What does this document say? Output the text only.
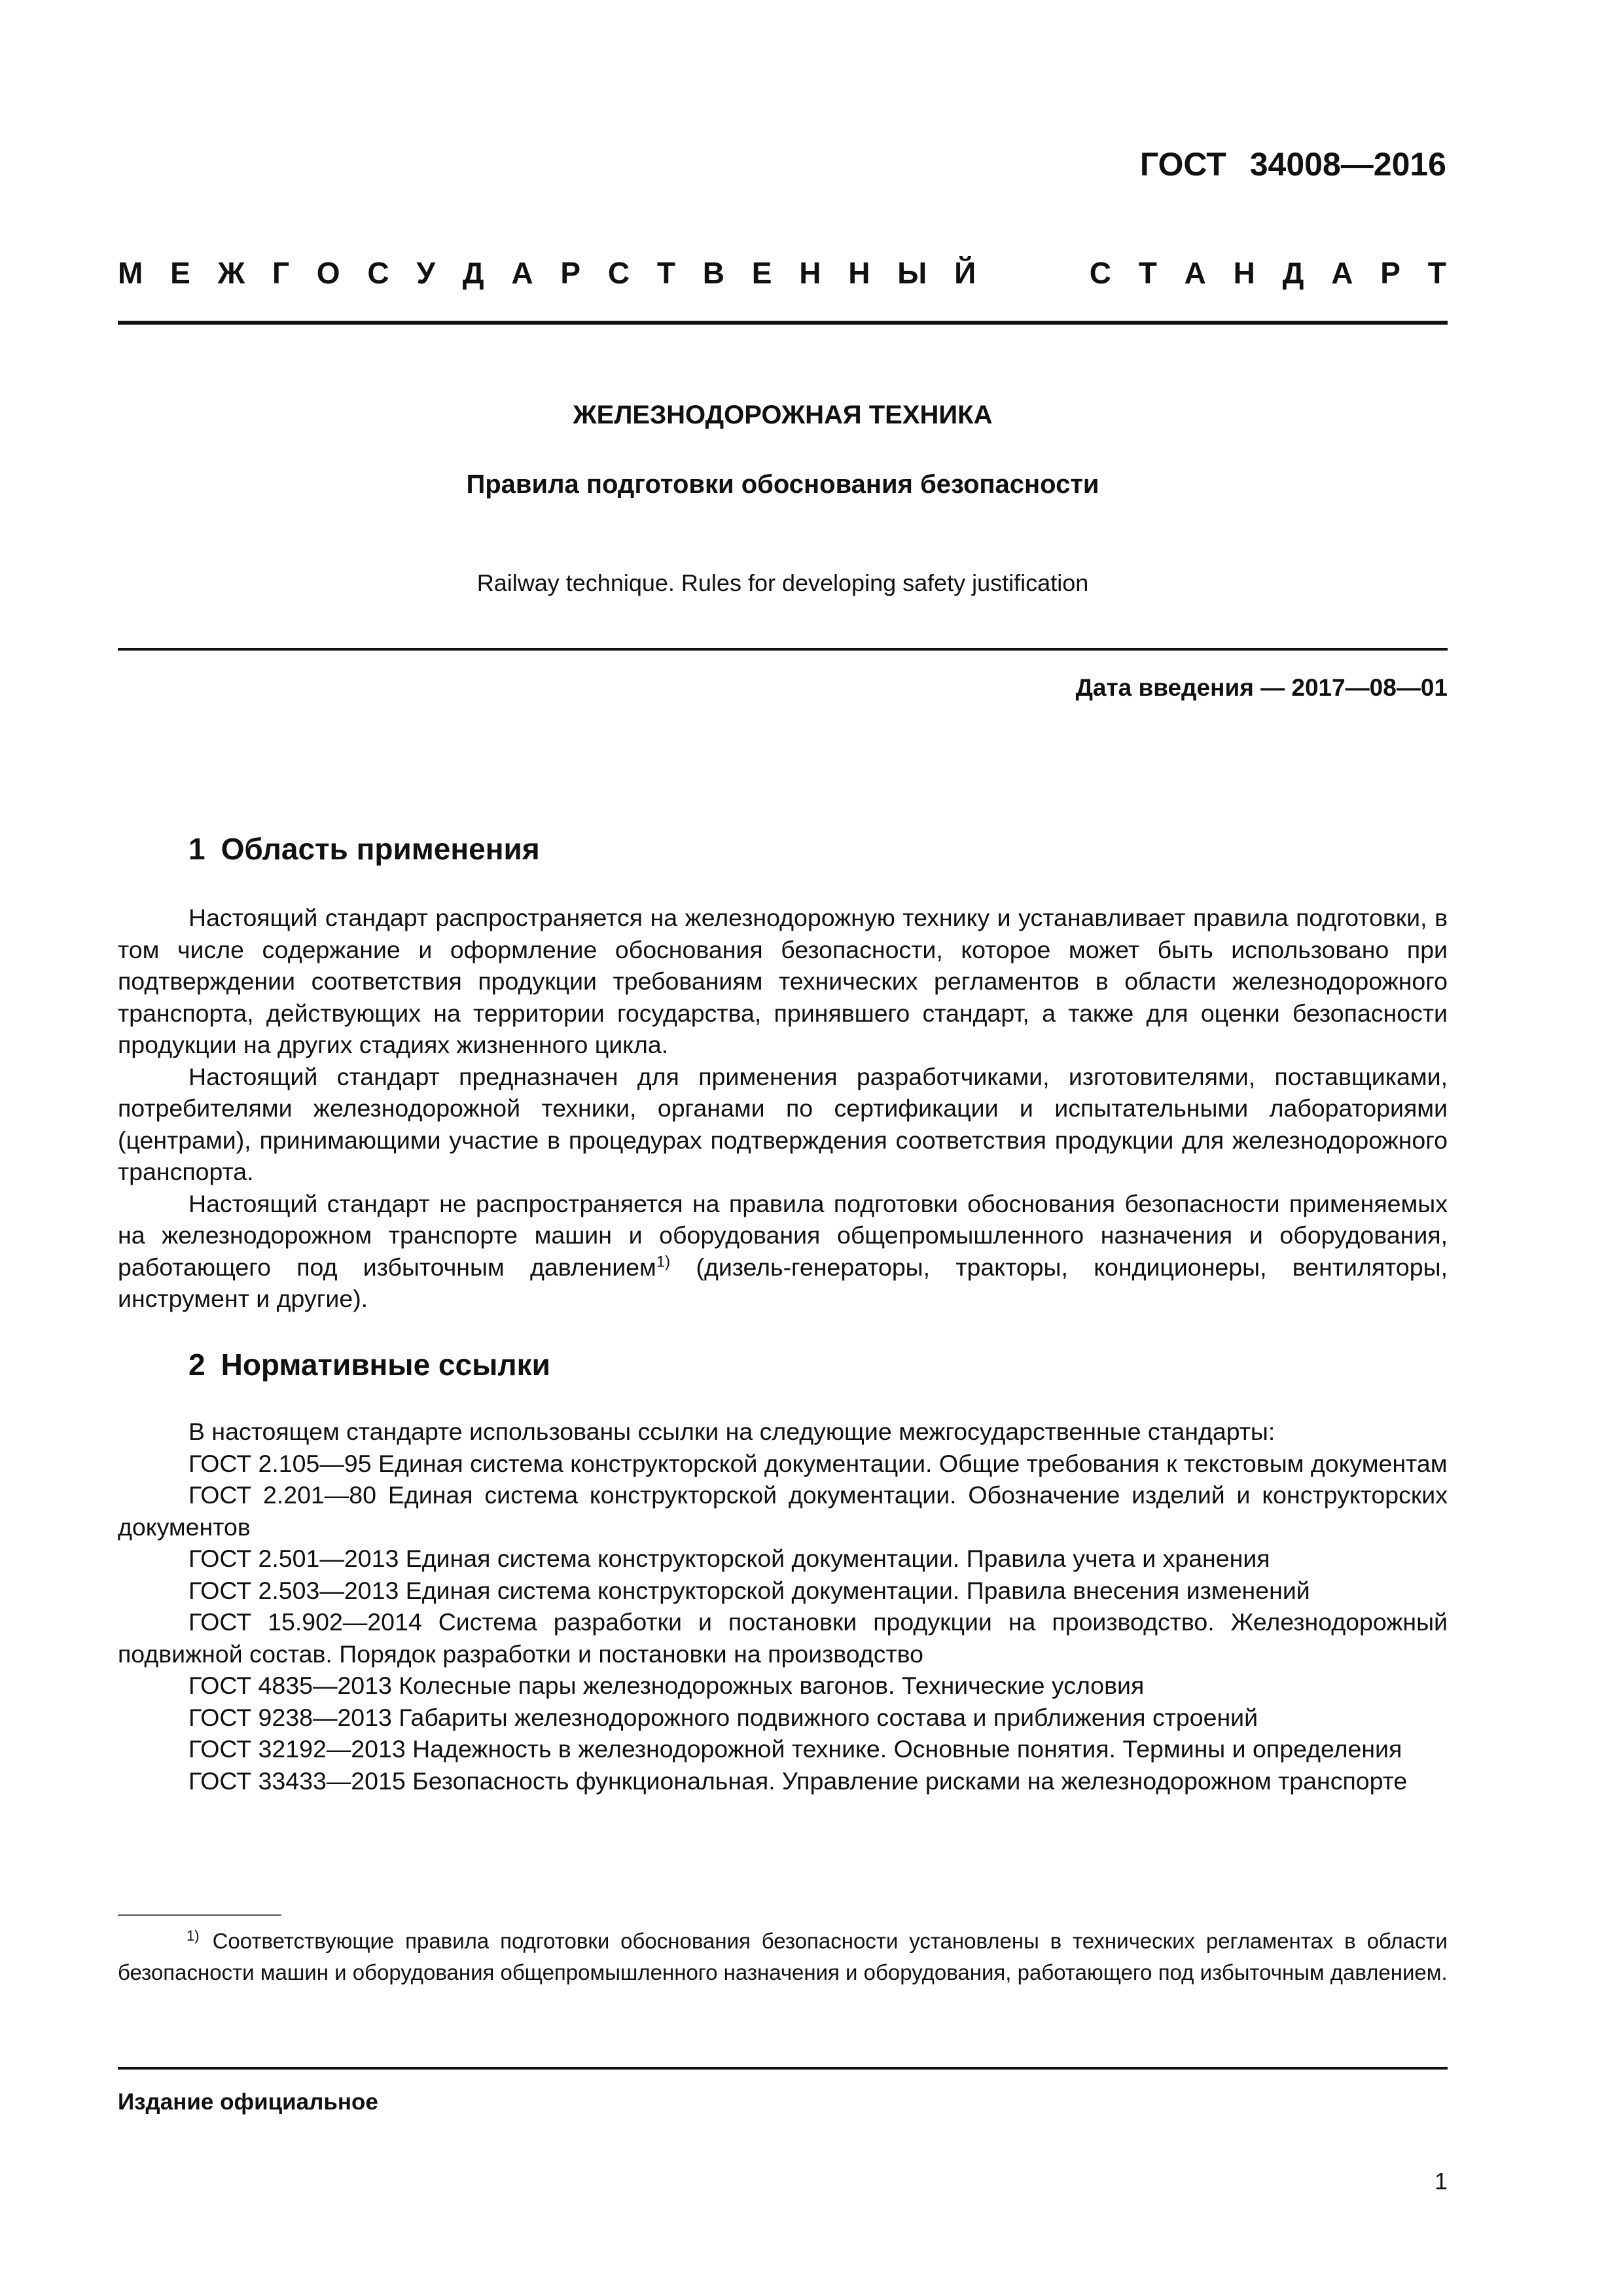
ГОСТ 34008—2016
М Е Ж Г О С У Д А Р С Т В Е Н Н Ы Й	С Т А Н Д А Р Т
ЖЕЛЕЗНОДОРОЖНАЯ ТЕХНИКА
Правила подготовки обоснования безопасности
Railway technique. Rules for developing safety justification
Дата введения — 2017—08—01
1 Область применения

Настоящий стандарт распространяется на железнодорожную технику и устанавливает правила подготовки, в том числе содержание и оформление обоснования безопасности, которое может быть использовано при подтверждении соответствия продукции требованиям технических регламентов в области железнодорожного транспорта, действующих на территории государства, принявшего стандарт, а также для оценки безопасности продукции на других стадиях жизненного цикла.

Настоящий стандарт предназначен для применения разработчиками, изготовителями, поставщиками, потребителями железнодорожной техники, органами по сертификации и испытательными лабораториями (центрами), принимающими участие в процедурах подтверждения соответствия продукции для железнодорожного транспорта.

Настоящий стандарт не распространяется на правила подготовки обоснования безопасности применяемых на железнодорожном транспорте машин и оборудования общепромышленного назначения и оборудования, работающего под избыточным давлением$^{1)}$ (дизель-генераторы, тракторы, кондиционеры, вентиляторы, инструмент и другие).

2 Нормативные ссылки

В настоящем стандарте использованы ссылки на следующие межгосударственные стандарты:

ГОСТ 2.105—95 Единая система конструкторской документации. Общие требования к текстовым документам

ГОСТ 2.201—80 Единая система конструкторской документации. Обозначение изделий и конструкторских документов

ГОСТ 2.501—2013 Единая система конструкторской документации. Правила учета и хранения

ГОСТ 2.503—2013 Единая система конструкторской документации. Правила внесения изменений

ГОСТ 15.902—2014 Система разработки и постановки продукции на производство. Железнодорожный подвижной состав. Порядок разработки и постановки на производство

ГОСТ 4835—2013 Колесные пары железнодорожных вагонов. Технические условия

ГОСТ 9238—2013 Габариты железнодорожного подвижного состава и приближения строений

ГОСТ 32192—2013 Надежность в железнодорожной технике. Основные понятия. Термины и определения

ГОСТ 33433—2015 Безопасность функциональная. Управление рисками на железнодорожном транспорте

$^{1)}$ Соответствующие правила подготовки обоснования безопасности установлены в технических регламентах в области безопасности машин и оборудования общепромышленного назначения и оборудования, работающего под избыточным давлением.

Издание официальное
1
